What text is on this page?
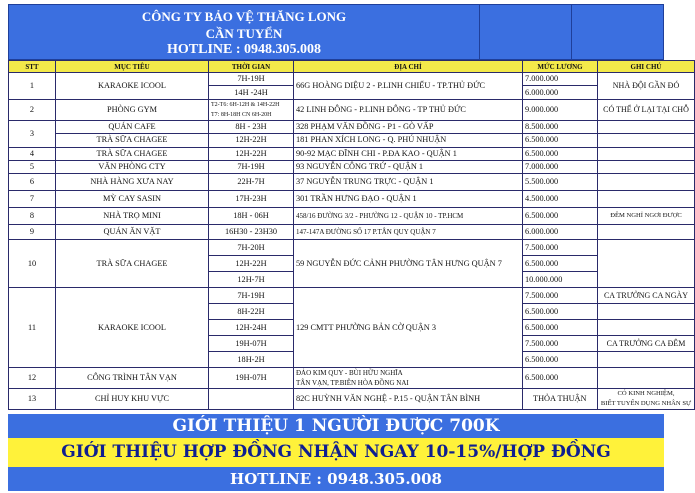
CÔNG TY BẢO VỆ THĂNG LONG
CẦN TUYỂN
HOTLINE : 0948.305.008
STT	MỤC TIÊU	THỜI GIAN	ĐỊA CHỈ	MỨC LƯƠNG	GHI CHÚ
1	KARAOKE ICOOL	7H-19H	66G HOÀNG DIỆU 2 - P.LINH CHIỂU - TP.THỦ ĐỨC	7.000.000	NHÀ ĐỘI GẦN ĐÓ
		14H -24H		6.000.000	
2	PHÒNG GYM	T2-T6: 6H-12H & 14H-22H
T7: 8H-18H CN 6H-20H	42 LINH ĐÔNG - P.LINH ĐÔNG - TP THỦ ĐỨC	9.000.000	CÓ THỂ Ở LẠI TẠI CHỖ
3	QUÁN CAFE	8H - 23H	328 PHẠM VĂN ĐỒNG - P1 - GÒ VẤP	8.500.000	
	TRÀ SỮA CHAGEE	12H-22H	181 PHAN XÍCH LONG - Q. PHÚ NHUẬN	6.500.000	
4	TRÀ SỮA CHAGEE	12H-22H	90-92 MẠC ĐĨNH CHI - P.ĐA KAO - QUẬN 1	6.500.000	
5	VĂN PHÒNG CTY	7H-19H	93 NGUYỄN CÔNG TRỨ - QUẬN 1	7.000.000	
6	NHÀ HÀNG XƯA NAY	22H-7H	37 NGUYỄN TRUNG TRỰC - QUẬN 1	5.500.000	
7	MỲ CAY SASIN	17H-23H	301 TRẦN HƯNG ĐẠO - QUẬN 1	4.500.000	
8	NHÀ TRỌ MINI	18H - 06H	458/16 ĐƯỜNG 3/2 - PHƯỜNG 12 - QUẬN 10 - TP.HCM	6.500.000	ĐÊM NGHỈ NGƠI ĐƯỢC
9	QUÁN ĂN VẶT	16H30 - 23H30	147-147A ĐƯỜNG SỐ 17 P.TÂN QUY QUẬN 7	6.000.000	
10	TRÀ SỮA CHAGEE	7H-20H	59 NGUYỄN ĐỨC CẢNH PHƯỜNG TÂN HƯNG QUẬN 7	7.500.000	
		12H-22H		6.500.000	
		12H-7H		10.000.000	
11	KARAOKE ICOOL	7H-19H	129 CMTT PHƯỜNG BẢN CỜ QUẬN 3	7.500.000	CA TRƯỞNG CA NGÀY
		8H-22H		6.500.000	
		12H-24H		6.500.000	
		19H-07H		7.500.000	CA TRƯỞNG CA ĐÊM
		18H-2H		6.500.000	
12	CÔNG TRÌNH TÂN VẠN	19H-07H	ĐẢO KIM QUY - BÙI HỮU NGHĨA
TÂN VẠN, TP.BIÊN HÒA ĐỒNG NAI	6.500.000	
13	CHỈ HUY KHU VỰC		82C HUỲNH VĂN NGHỆ - P.15 - QUẬN TÂN BÌNH	THỎA THUẬN	CÓ KINH NGHIỆM,
BIẾT TUYỂN DỤNG NHÂN SỰ
GIỚI THIỆU 1 NGƯỜI ĐƯỢC 700K
GIỚI THIỆU HỢP ĐỒNG NHẬN NGAY 10-15%/HỢP ĐỒNG
HOTLINE : 0948.305.008
